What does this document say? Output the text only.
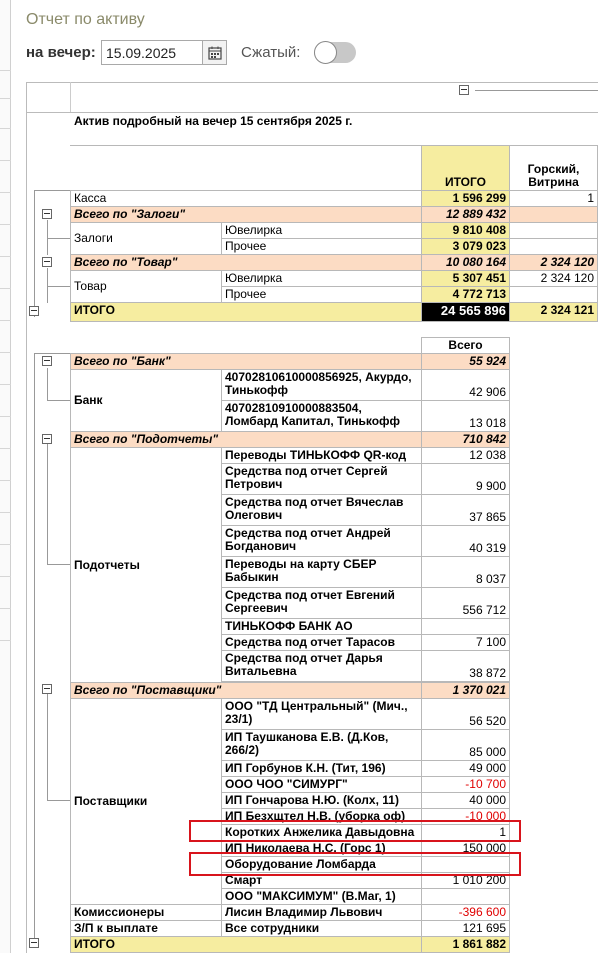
Отчет по активу
на вечер:
15.09.2025	Сжатый:
Актив подробный на вечер 15 сентября 2025 г.
ИТОГО
Горский, Витрина
Касса	1 596 299	1
Всего по "Залоги"	12 889 432
Залоги
Ювелирка	9 810 408
Прочее	3 079 023
Всего по "Товар"	10 080 164	2 324 120
Товар
Ювелирка	5 307 451	2 324 120
Прочее	4 772 713
ИТОГО	24 565 896	2 324 121
Всего
Всего по "Банк"	55 924
Банк
40702810610000856925, Акурдо, Тинькофф	42 906
40702810910000883504, Ломбард Капитал, Тинькофф	13 018
Всего по "Подотчеты"	710 842
Подотчеты
Переводы ТИНЬКОФФ QR-код	12 038
Средства под отчет Сергей Петрович	9 900
Средства под отчет Вячеслав Олегович	37 865
Средства под отчет Андрей Богданович	40 319
Переводы на карту СБЕР Бабыкин	8 037
Средства под отчет Евгений Сергеевич	556 712
ТИНЬКОФФ БАНК АО
Средства под отчет Тарасов	7 100
Средства под отчет Дарья Витальевна	38 872
Всего по "Поставщики"	1 370 021
Поставщики
ООО "ТД Центральный" (Мич., 23/1)	56 520
ИП Таушканова Е.В. (Д.Ков, 266/2)	85 000
ИП Горбунов К.Н. (Тит, 196)	49 000
ООО ЧОО "СИМУРГ"	-10 700
ИП Гончарова Н.Ю. (Колх, 11)	40 000
ИП Безхщтел Н.В. (уборка оф)	-10 000
Коротких Анжелика Давыдовна	1
ИП Николаева Н.С. (Горс 1)	150 000
Оборудование Ломбарда
Смарт	1 010 200
ООО "МАКСИМУМ" (В.Маг, 1)
Комиссионеры	Лисин Владимир Львович	-396 600
З/П к выплате	Все сотрудники	121 695
ИТОГО	1 861 882
